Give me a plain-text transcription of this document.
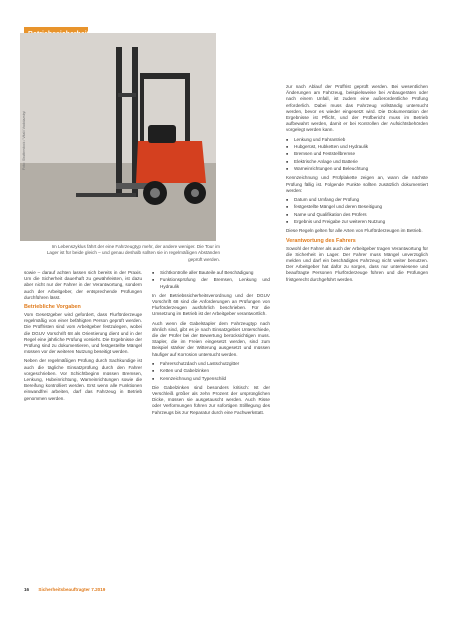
Foto: Shutterstock / Vitalii Vodolazskyi
Im Lebenszyklus fährt der eine Fahrzeugtyp mehr, der andere weniger. Die Tour im Lager ist für beide gleich – und genau deshalb sollten sie in regelmäßigen Abständen geprüft werden.

sowie – darauf achten lassen sich bereits in der Praxis. Um die Sicherheit dauerhaft zu gewährleisten, ist dazu aber nicht nur der Fahrer in der Verantwortung, sondern auch der Arbeitgeber, der entsprechende Prüfungen durchführen lässt.

Betriebliche Vorgaben

Vom Gesetzgeber wird gefordert, dass Flurförderzeuge regelmäßig von einer befähigten Person geprüft werden. Die Prüffristen sind vom Arbeitgeber festzulegen, wobei die DGUV Vorschrift 68 als Orientierung dient und in der Regel eine jährliche Prüfung vorsieht. Die Ergebnisse der Prüfung sind zu dokumentieren, und festgestellte Mängel müssen vor der weiteren Nutzung beseitigt werden.

Neben der regelmäßigen Prüfung durch Sachkundige ist auch die tägliche Einsatzprüfung durch den Fahrer vorgeschrieben. Vor Schichtbeginn müssen Bremsen, Lenkung, Hubeinrichtung, Warneinrichtungen sowie die Bereifung kontrolliert werden. Erst wenn alle Funktionen einwandfrei arbeiten, darf das Fahrzeug in Betrieb genommen werden.

■ Sichtkontrolle aller Bauteile auf Beschädigung
■ Funktionsprüfung der Bremsen, Lenkung und Hydraulik

In der Betriebssicherheitsverordnung und der DGUV Vorschrift 68 sind die Anforderungen an Prüfungen von Flurförderzeugen ausführlich beschrieben. Für die Umsetzung im Betrieb ist der Arbeitgeber verantwortlich.

Auch wenn die Gabelstapler dem Fahrzeugtyp nach ähnlich sind, gibt es je nach Einsatzgebiet Unterschiede, die der Prüfer bei der Bewertung berücksichtigen muss. Stapler, die im Freien eingesetzt werden, sind zum Beispiel stärker der Witterung ausgesetzt und müssen häufiger auf Korrosion untersucht werden.

■ Fahrerschutzdach und Lastschutzgitter
■ Ketten und Gabelzinken
■ Kennzeichnung und Typenschild

Die Gabelzinken sind besonders kritisch: Ist der Verschleiß größer als zehn Prozent der ursprünglichen Dicke, müssen sie ausgetauscht werden. Auch Risse oder Verformungen führen zur sofortigen Stilllegung des Fahrzeugs bis zur Reparatur durch eine Fachwerkstatt.

zur nach Ablauf der Prüffrist geprüft werden. Bei wesentlichen Änderungen am Fahrzeug, beispielsweise bei Anbaugeräten oder nach einem Unfall, ist zudem eine außerordentliche Prüfung erforderlich. Dabei muss das Fahrzeug vollständig untersucht werden, bevor es wieder eingesetzt wird. Die Dokumentation der Ergebnisse ist Pflicht, und der Prüfbericht muss im Betrieb aufbewahrt werden, damit er bei Kontrollen der Aufsichtsbehörden vorgelegt werden kann.

■ Lenkung und Fahrantrieb
■ Hubgerüst, Hubketten und Hydraulik
■ Bremsen und Feststellbremse
■ Elektrische Anlage und Batterie
■ Warneinrichtungen und Beleuchtung

Kennzeichnung und Prüfplakette zeigen an, wann die nächste Prüfung fällig ist. Folgende Punkte sollten zusätzlich dokumentiert werden:

■ Datum und Umfang der Prüfung
■ festgestellte Mängel und deren Beseitigung
■ Name und Qualifikation des Prüfers
■ Ergebnis und Freigabe zur weiteren Nutzung

Diese Regeln gelten für alle Arten von Flurförderzeugen im Betrieb.

Verantwortung des Fahrers

Sowohl der Fahrer als auch der Arbeitgeber tragen Verantwortung für die Sicherheit im Lager. Der Fahrer muss Mängel unverzüglich melden und darf ein beschädigtes Fahrzeug nicht weiter benutzen. Der Arbeitgeber hat dafür zu sorgen, dass nur unterwiesene und beauftragte Personen Flurförderzeuge führen und die Prüfungen fristgerecht durchgeführt werden.

16 Sicherheitsbeauftragter 7.2019
